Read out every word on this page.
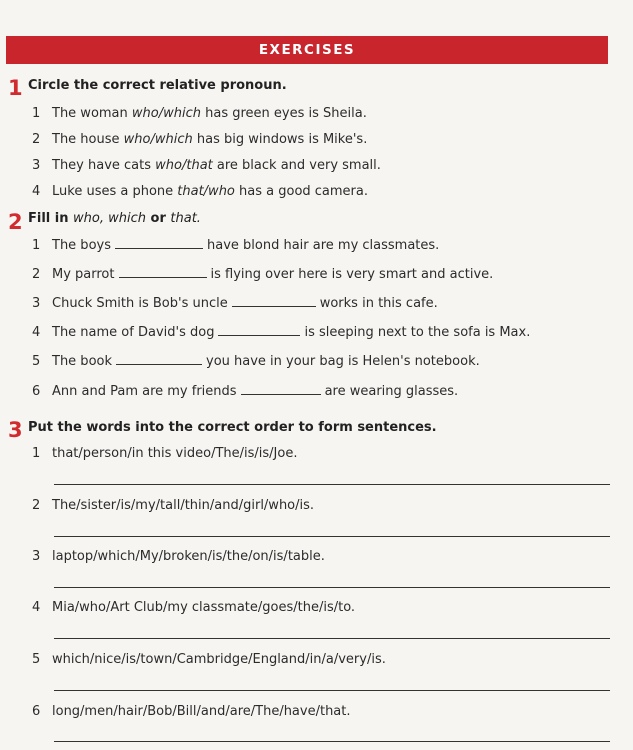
EXERCISES
1 Circle the correct relative pronoun.
1 The woman who/which has green eyes is Sheila.
2 The house who/which has big windows is Mike's.
3 They have cats who/that are black and very small.
4 Luke uses a phone that/who has a good camera.
2 Fill in who, which or that.
1 The boys	have blond hair are my classmates.
2 My parrot	is flying over here is very smart and active.
3 Chuck Smith is Bob's uncle	works in this cafe.
4 The name of David's dog	is sleeping next to the sofa is Max.
5 The book	you have in your bag is Helen's notebook.
6 Ann and Pam are my friends	are wearing glasses.
3 Put the words into the correct order to form sentences.
1 that/person/in this video/The/is/is/Joe.
2 The/sister/is/my/tall/thin/and/girl/who/is.
3 laptop/which/My/broken/is/the/on/is/table.
4 Mia/who/Art Club/my classmate/goes/the/is/to.
5 which/nice/is/town/Cambridge/England/in/a/very/is.
6 long/men/hair/Bob/Bill/and/are/The/have/that.
